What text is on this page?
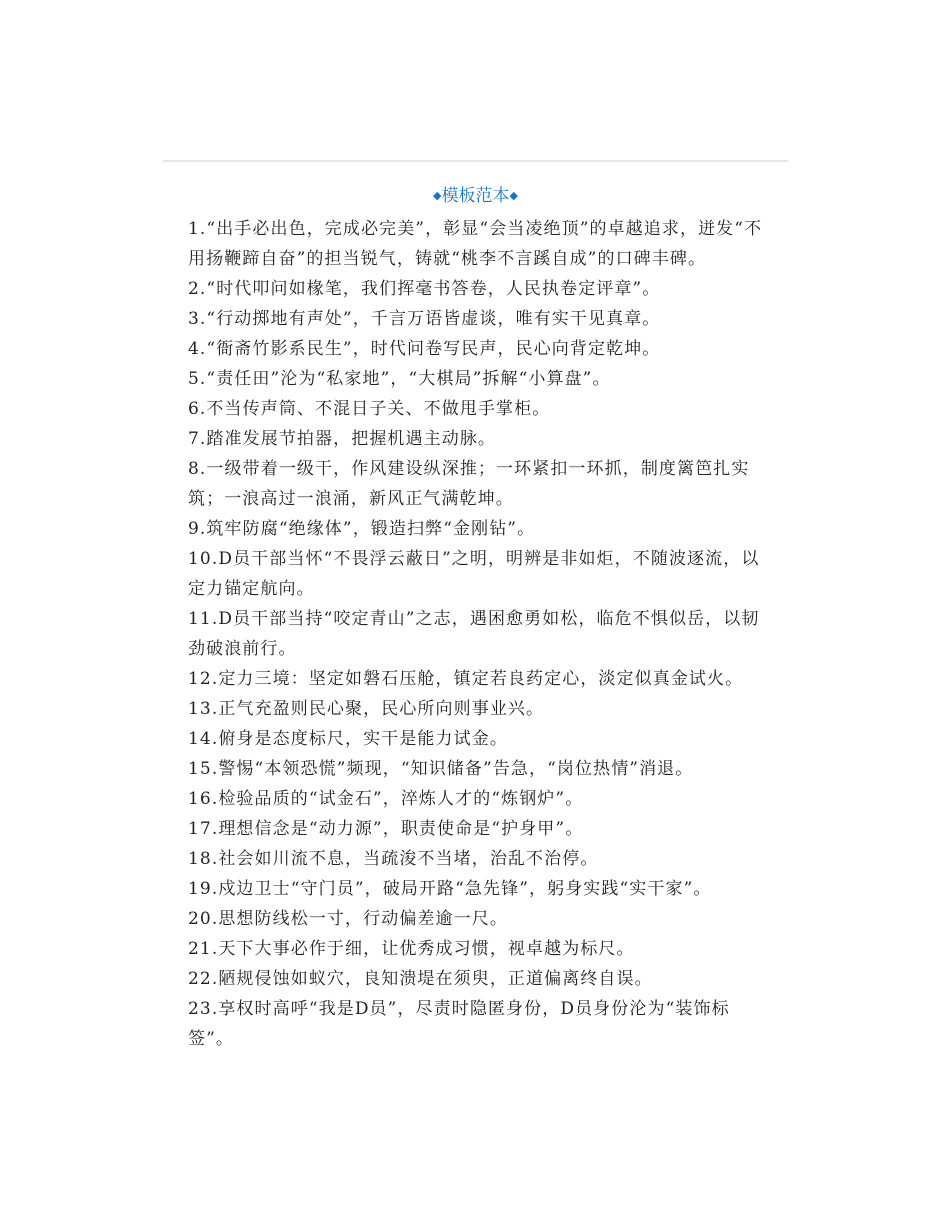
◆模板范本◆

1.“出手必出色，完成必完美”，彰显“会当凌绝顶”的卓越追求，迸发“不用扬鞭蹄自奋”的担当锐气，铸就“桃李不言蹊自成”的口碑丰碑。

2.“时代叩问如椽笔，我们挥毫书答卷，人民执卷定评章”。

3.“行动掷地有声处”，千言万语皆虚谈，唯有实干见真章。

4.“衙斋竹影系民生”，时代问卷写民声，民心向背定乾坤。

5.“责任田”沦为“私家地”，“大棋局”拆解“小算盘”。

6.不当传声筒、不混日子关、不做甩手掌柜。

7.踏准发展节拍器，把握机遇主动脉。

8.一级带着一级干，作风建设纵深推；一环紧扣一环抓，制度篱笆扎实筑；一浪高过一浪涌，新风正气满乾坤。

9.筑牢防腐“绝缘体”，锻造扫弊“金刚钻”。

10.D员干部当怀“不畏浮云蔽日”之明，明辨是非如炬，不随波逐流，以定力锚定航向。

11.D员干部当持“咬定青山”之志，遇困愈勇如松，临危不惧似岳，以韧劲破浪前行。

12.定力三境：坚定如磐石压舱，镇定若良药定心，淡定似真金试火。

13.正气充盈则民心聚，民心所向则事业兴。

14.俯身是态度标尺，实干是能力试金。

15.警惕“本领恐慌”频现，“知识储备”告急，“岗位热情”消退。

16.检验品质的“试金石”，淬炼人才的“炼钢炉”。

17.理想信念是“动力源”，职责使命是“护身甲”。

18.社会如川流不息，当疏浚不当堵，治乱不治停。

19.戍边卫士“守门员”，破局开路“急先锋”，躬身实践“实干家”。

20.思想防线松一寸，行动偏差逾一尺。

21.天下大事必作于细，让优秀成习惯，视卓越为标尺。

22.陋规侵蚀如蚁穴，良知溃堤在须臾，正道偏离终自误。

23.享权时高呼“我是D员”，尽责时隐匿身份，D员身份沦为“装饰标签”。
